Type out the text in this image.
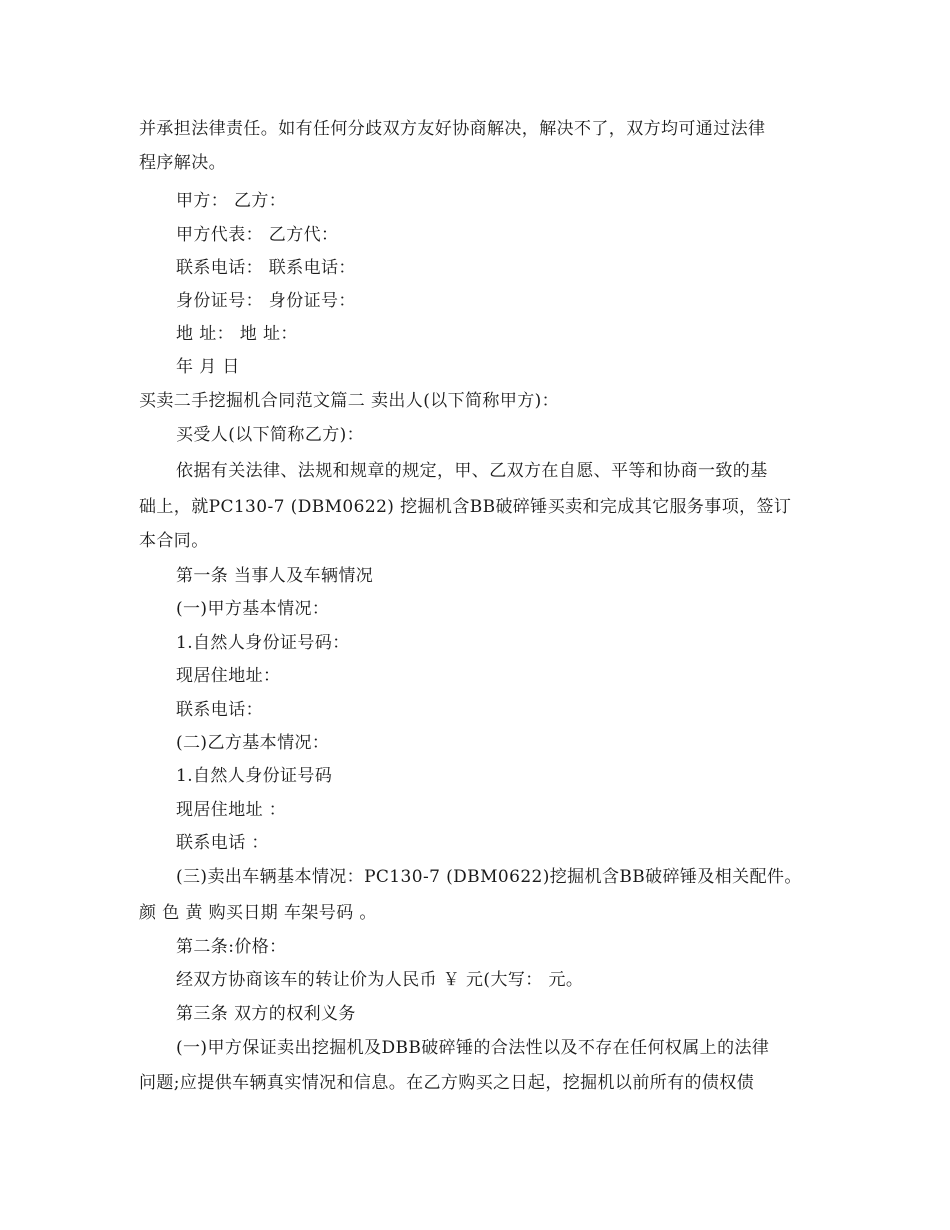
并承担法律责任。如有任何分歧双方友好协商解决，解决不了，双方均可通过法律
程序解决。
甲方： 乙方：
甲方代表： 乙方代：
联系电话： 联系电话：
身份证号： 身份证号：
地 址： 地 址：
年 月 日
买卖二手挖掘机合同范文篇二 卖出人(以下简称甲方)：
买受人(以下简称乙方)：
依据有关法律、法规和规章的规定，甲、乙双方在自愿、平等和协商一致的基
础上，就PC130-7 (DBM0622) 挖掘机含BB破碎锤买卖和完成其它服务事项，签订
本合同。
第一条 当事人及车辆情况
(一)甲方基本情况：
1.自然人身份证号码：
现居住地址：
联系电话：
(二)乙方基本情况：
1.自然人身份证号码
现居住地址 ：
联系电话 ：
(三)卖出车辆基本情况：PC130-7 (DBM0622)挖掘机含BB破碎锤及相关配件。
颜 色 黄 购买日期 车架号码 。
第二条:价格：
经双方协商该车的转让价为人民币 ￥ 元(大写： 元。
第三条 双方的权利义务
(一)甲方保证卖出挖掘机及DBB破碎锤的合法性以及不存在任何权属上的法律
问题;应提供车辆真实情况和信息。在乙方购买之日起，挖掘机以前所有的债权债
